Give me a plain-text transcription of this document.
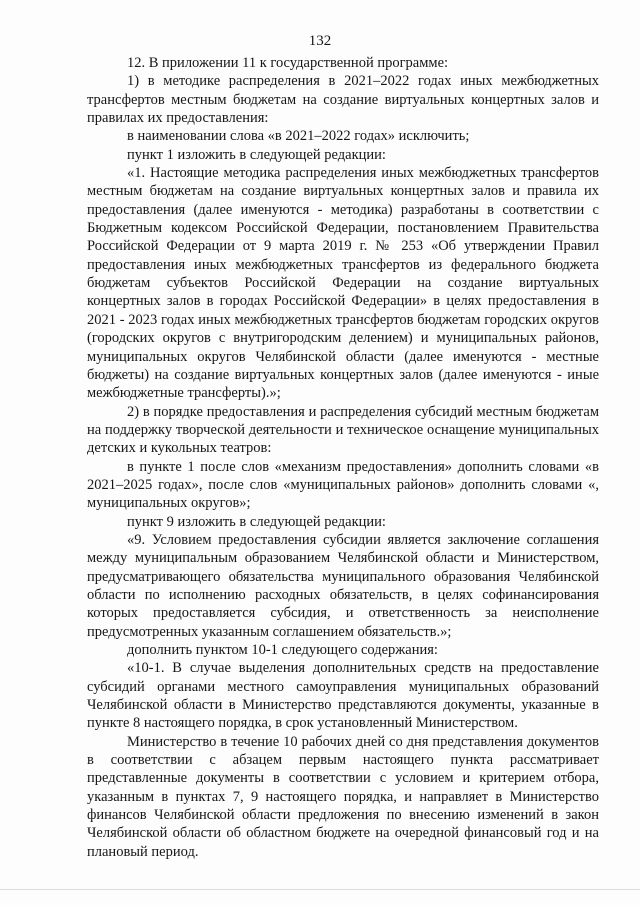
132

12. В приложении 11 к государственной программе:

1) в методике распределения в 2021–2022 годах иных межбюджетных трансфертов местным бюджетам на создание виртуальных концертных залов и правилах их предоставления:

в наименовании слова «в 2021–2022 годах» исключить;

пункт 1 изложить в следующей редакции:

«1. Настоящие методика распределения иных межбюджетных трансфертов местным бюджетам на создание виртуальных концертных залов и правила их предоставления (далее именуются - методика) разработаны в соответствии с Бюджетным кодексом Российской Федерации, постановлением Правительства Российской Федерации от 9 марта 2019 г. № 253 «Об утверждении Правил предоставления иных межбюджетных трансфертов из федерального бюджета бюджетам субъектов Российской Федерации на создание виртуальных концертных залов в городах Российской Федерации» в целях предоставления в 2021 - 2023 годах иных межбюджетных трансфертов бюджетам городских округов (городских округов с внутригородским делением) и муниципальных районов, муниципальных округов Челябинской области (далее именуются - местные бюджеты) на создание виртуальных концертных залов (далее именуются - иные межбюджетные трансферты).»;

2) в порядке предоставления и распределения субсидий местным бюджетам на поддержку творческой деятельности и техническое оснащение муниципальных детских и кукольных театров:

в пункте 1 после слов «механизм предоставления» дополнить словами «в 2021–2025 годах», после слов «муниципальных районов» дополнить словами «, муниципальных округов»;

пункт 9 изложить в следующей редакции:

«9. Условием предоставления субсидии является заключение соглашения между муниципальным образованием Челябинской области и Министерством, предусматривающего обязательства муниципального образования Челябинской области по исполнению расходных обязательств, в целях софинансирования которых предоставляется субсидия, и ответственность за неисполнение предусмотренных указанным соглашением обязательств.»;

дополнить пунктом 10-1 следующего содержания:

«10-1. В случае выделения дополнительных средств на предоставление субсидий органами местного самоуправления муниципальных образований Челябинской области в Министерство представляются документы, указанные в пункте 8 настоящего порядка, в срок установленный Министерством.

Министерство в течение 10 рабочих дней со дня представления документов в соответствии с абзацем первым настоящего пункта рассматривает представленные документы в соответствии с условием и критерием отбора, указанным в пунктах 7, 9 настоящего порядка, и направляет в Министерство финансов Челябинской области предложения по внесению изменений в закон Челябинской области об областном бюджете на очередной финансовый год и на плановый период.
